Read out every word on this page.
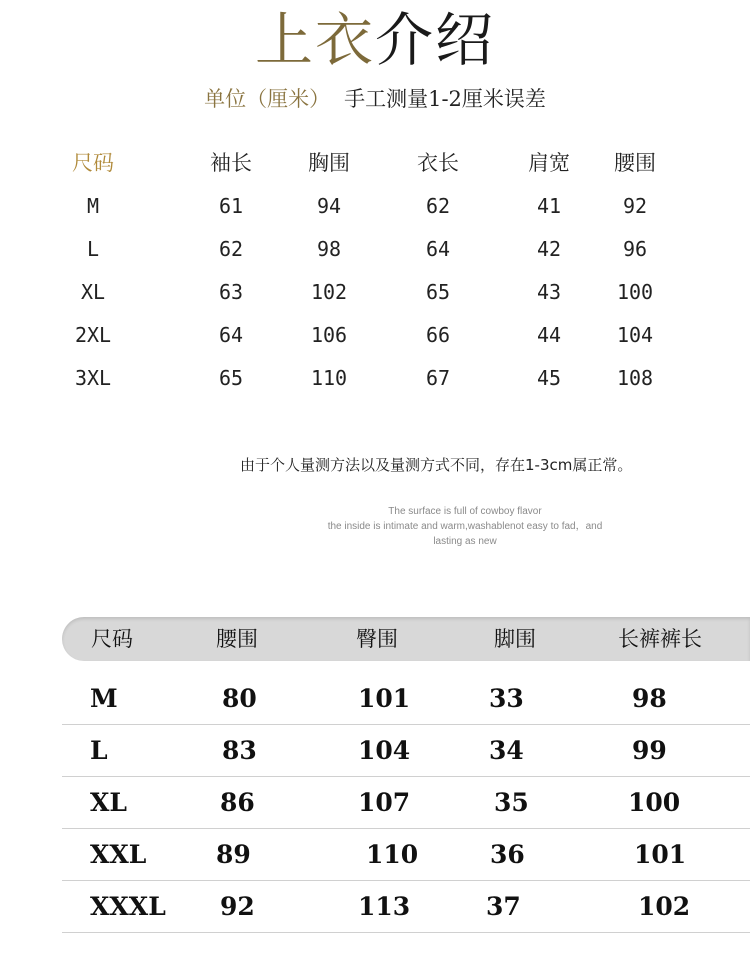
上衣介绍
单位（厘米） 手工测量1-2厘米误差
尺码	袖长	胸围	衣长	肩宽	腰围
M	61	94	62	41	92
L	62	98	64	42	96
XL	63	102	65	43	100
2XL	64	106	66	44	104
3XL	65	110	67	45	108
由于个人量测方法以及量测方式不同，存在1-3cm属正常。
The surface is full of cowboy flavor
the inside is intimate and warm,washablenot easy to fad，and
lasting as new
尺码	腰围	臀围	脚围	长裤裤长
M	80	101	33	98
L	83	104	34	99
XL	86	107	35	100
XXL	89	110	36	101
XXXL 92	113	37	102
